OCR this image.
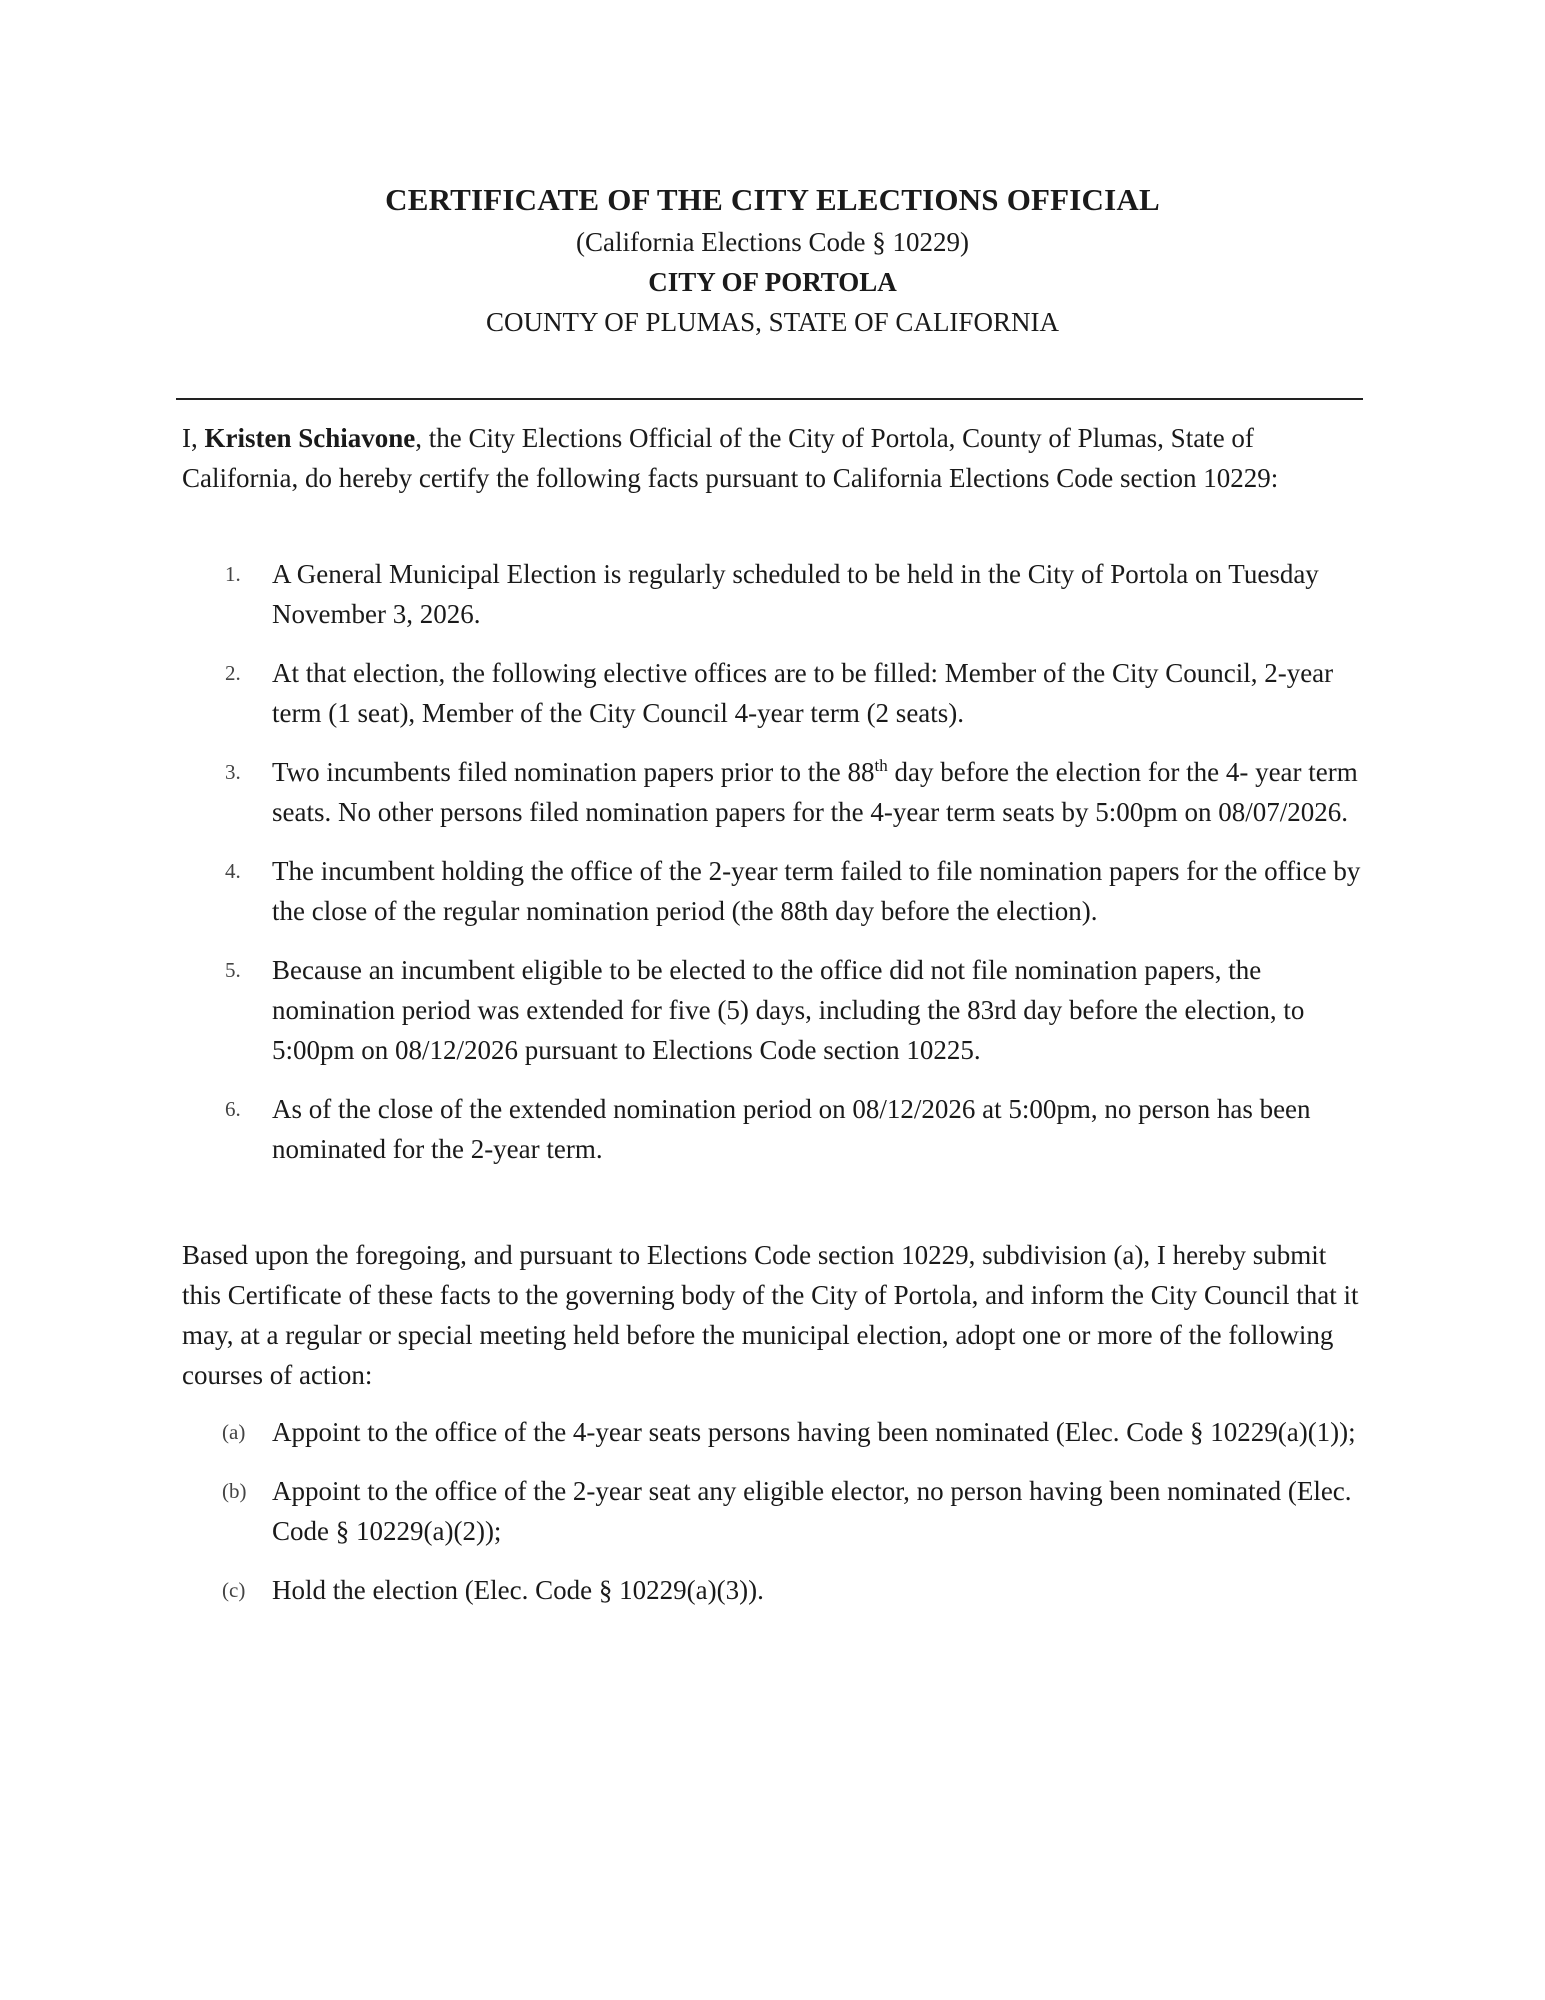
CERTIFICATE OF THE CITY ELECTIONS OFFICIAL

(California Elections Code § 10229)

CITY OF PORTOLA

COUNTY OF PLUMAS, STATE OF CALIFORNIA

I, Kristen Schiavone, the City Elections Official of the City of Portola, County of Plumas, State of California, do hereby certify the following facts pursuant to California Elections Code section 10229:

1. A General Municipal Election is regularly scheduled to be held in the City of Portola on Tuesday November 3, 2026.
2. At that election, the following elective offices are to be filled: Member of the City Council, 2-year term (1 seat), Member of the City Council 4-year term (2 seats).
3. Two incumbents filed nomination papers prior to the 88th day before the election for the 4- year term seats. No other persons filed nomination papers for the 4-year term seats by 5:00pm on 08/07/2026.
4. The incumbent holding the office of the 2-year term failed to file nomination papers for the office by the close of the regular nomination period (the 88th day before the election).
5. Because an incumbent eligible to be elected to the office did not file nomination papers, the nomination period was extended for five (5) days, including the 83rd day before the election, to 5:00pm on 08/12/2026 pursuant to Elections Code section 10225.
6. As of the close of the extended nomination period on 08/12/2026 at 5:00pm, no person has been nominated for the 2-year term.

Based upon the foregoing, and pursuant to Elections Code section 10229, subdivision (a), I hereby submit this Certificate of these facts to the governing body of the City of Portola, and inform the City Council that it may, at a regular or special meeting held before the municipal election, adopt one or more of the following courses of action:

(a) Appoint to the office of the 4-year seats persons having been nominated (Elec. Code § 10229(a)(1));
(b) Appoint to the office of the 2-year seat any eligible elector, no person having been nominated (Elec. Code § 10229(a)(2));
(c) Hold the election (Elec. Code § 10229(a)(3)).
